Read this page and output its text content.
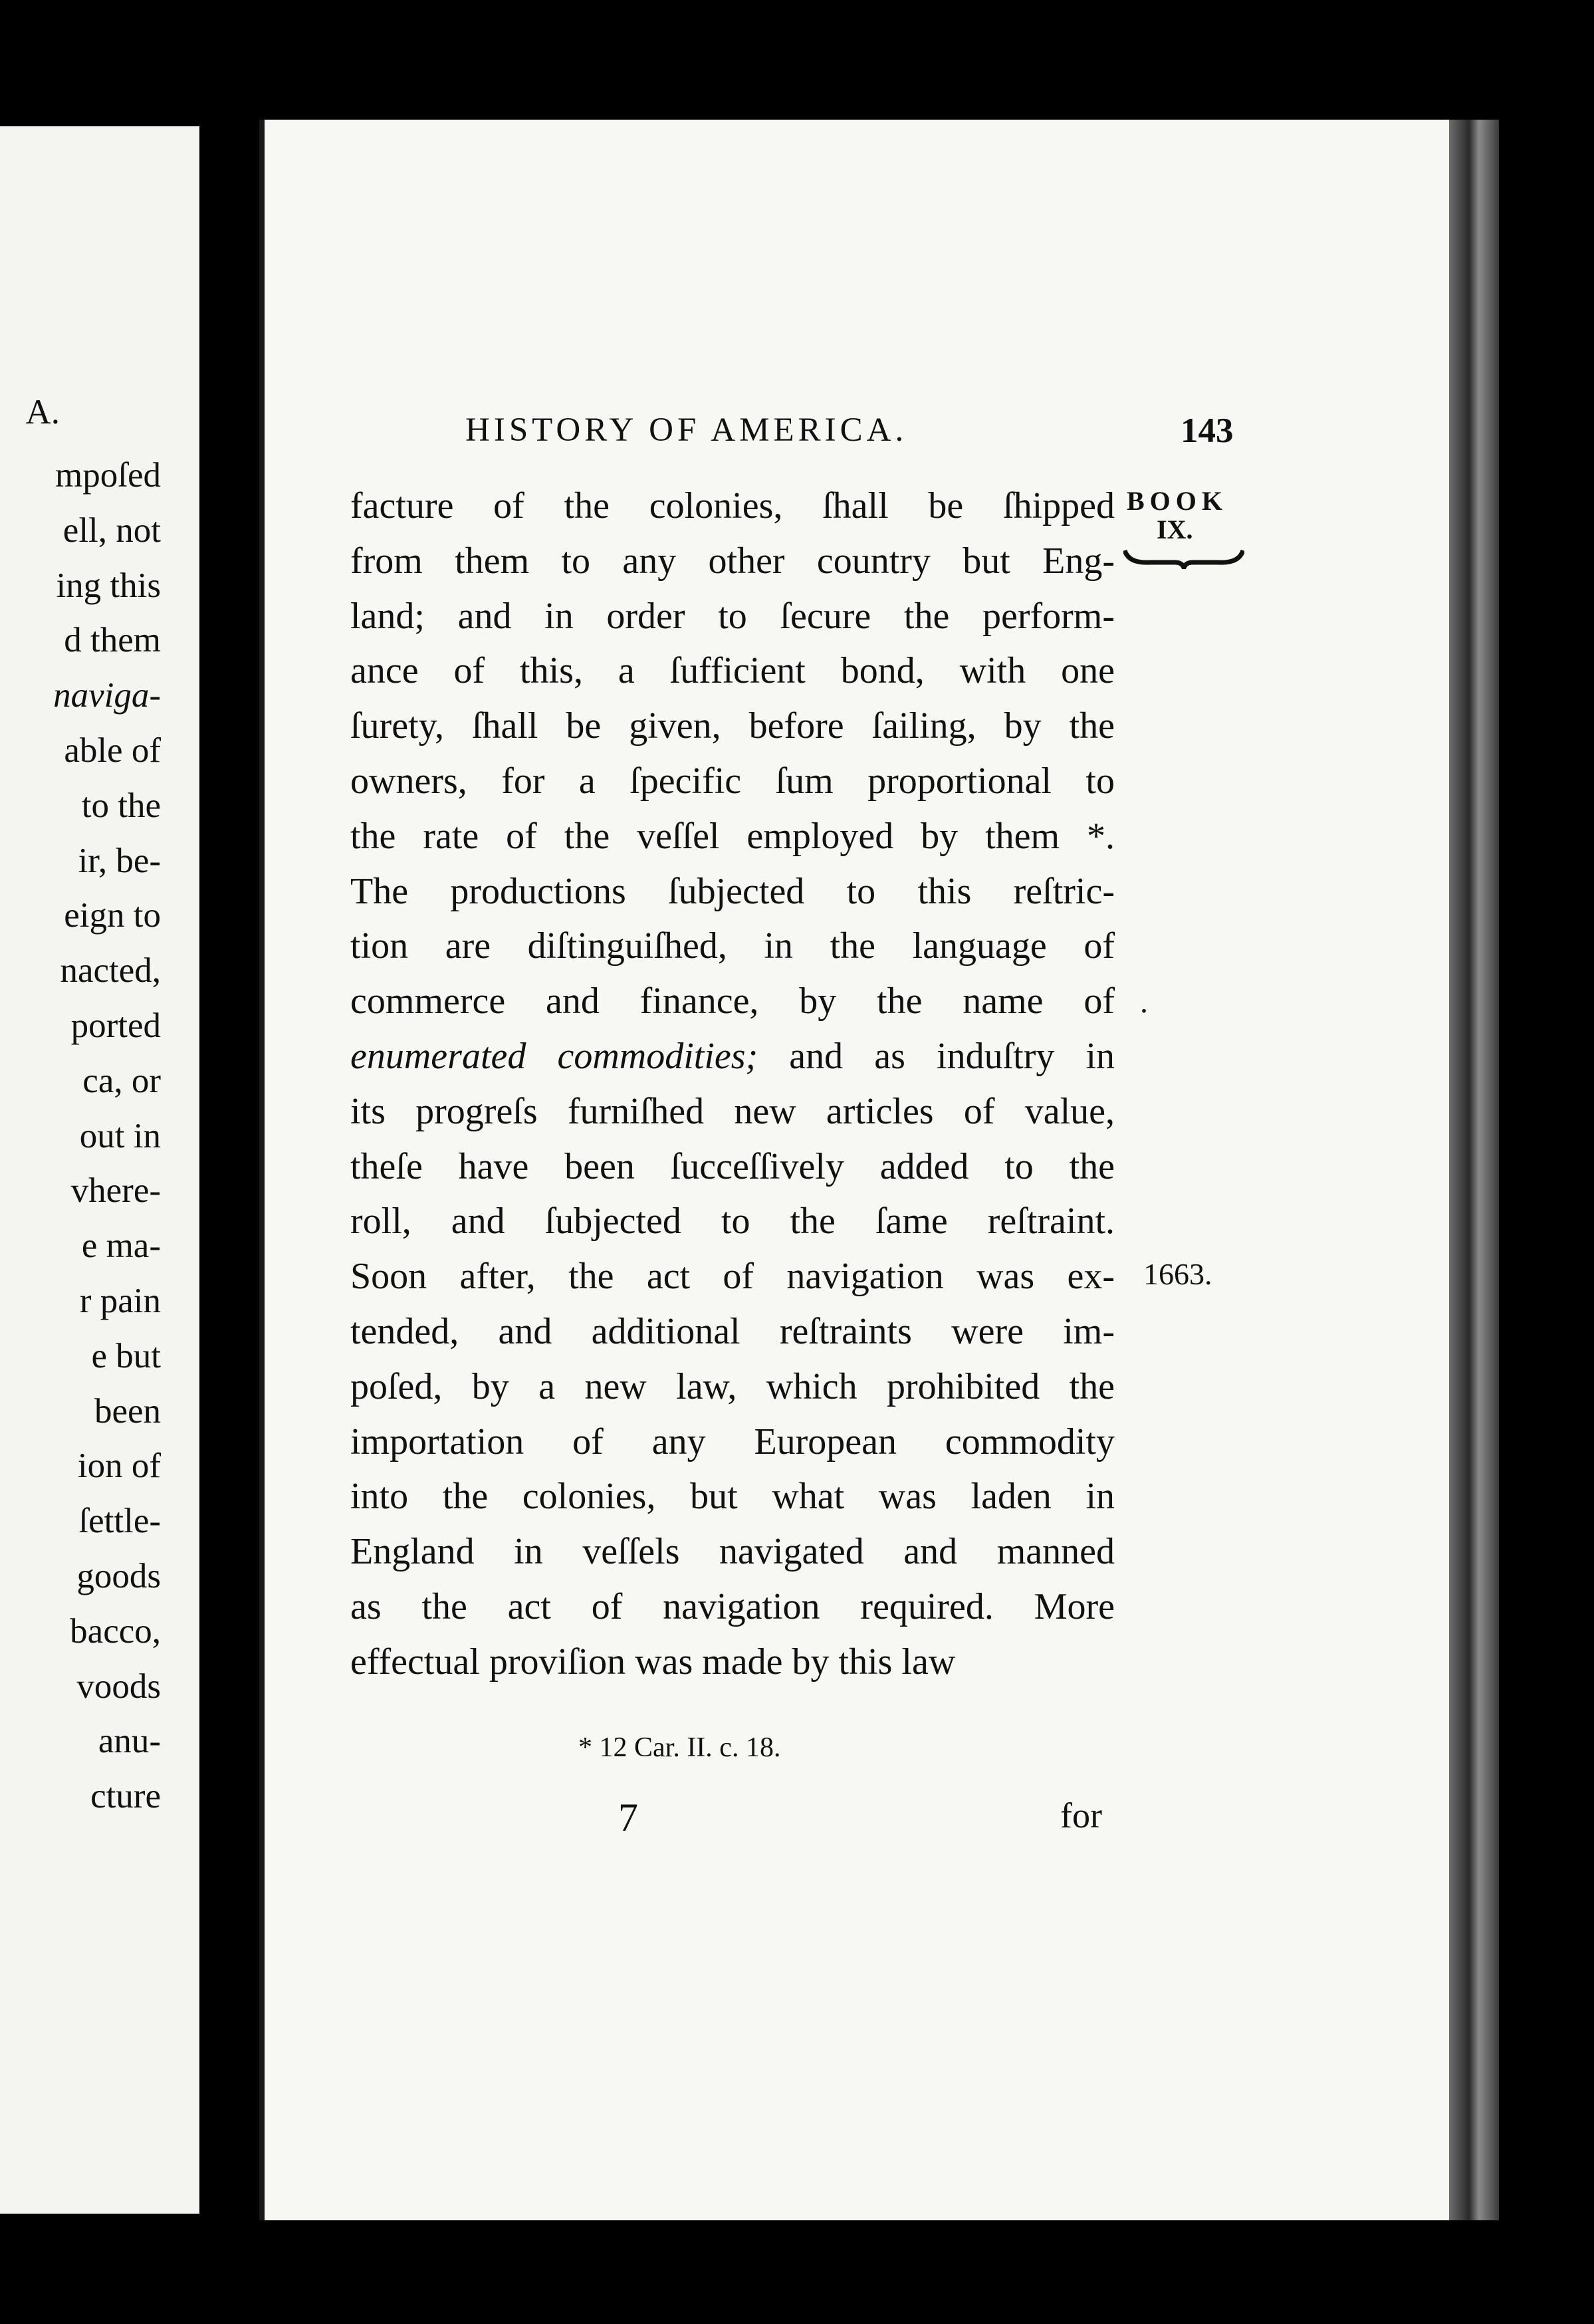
A.
mpoſed
ell, not
ing this
d them
naviga-
able of
to the
ir, be-
eign to
nacted,
ported
ca, or
out in
vhere-
e ma-
r pain
e but
been
ion of
ſettle-
goods
bacco,
voods
anu-
cture
HISTORY OF AMERICA.	143
BOOK
IX.
.
1663.
facture of the colonies, ſhall be ſhipped
from them to any other country but Eng-
land; and in order to ſecure the perform-
ance of this, a ſufficient bond, with one
ſurety, ſhall be given, before ſailing, by the
owners, for a ſpecific ſum proportional to
the rate of the veſſel employed by them *.
The productions ſubjected to this reſtric-
tion are diſtinguiſhed, in the language of
commerce and finance, by the name of
enumerated commodities; and as induſtry in
its progreſs furniſhed new articles of value,
theſe have been ſucceſſively added to the
roll, and ſubjected to the ſame reſtraint.
Soon after, the act of navigation was ex-
tended, and additional reſtraints were im-
poſed, by a new law, which prohibited the
importation of any European commodity
into the colonies, but what was laden in
England in veſſels navigated and manned
as the act of navigation required. More
effectual proviſion was made by this law
* 12 Car. II. c. 18.
7	for
